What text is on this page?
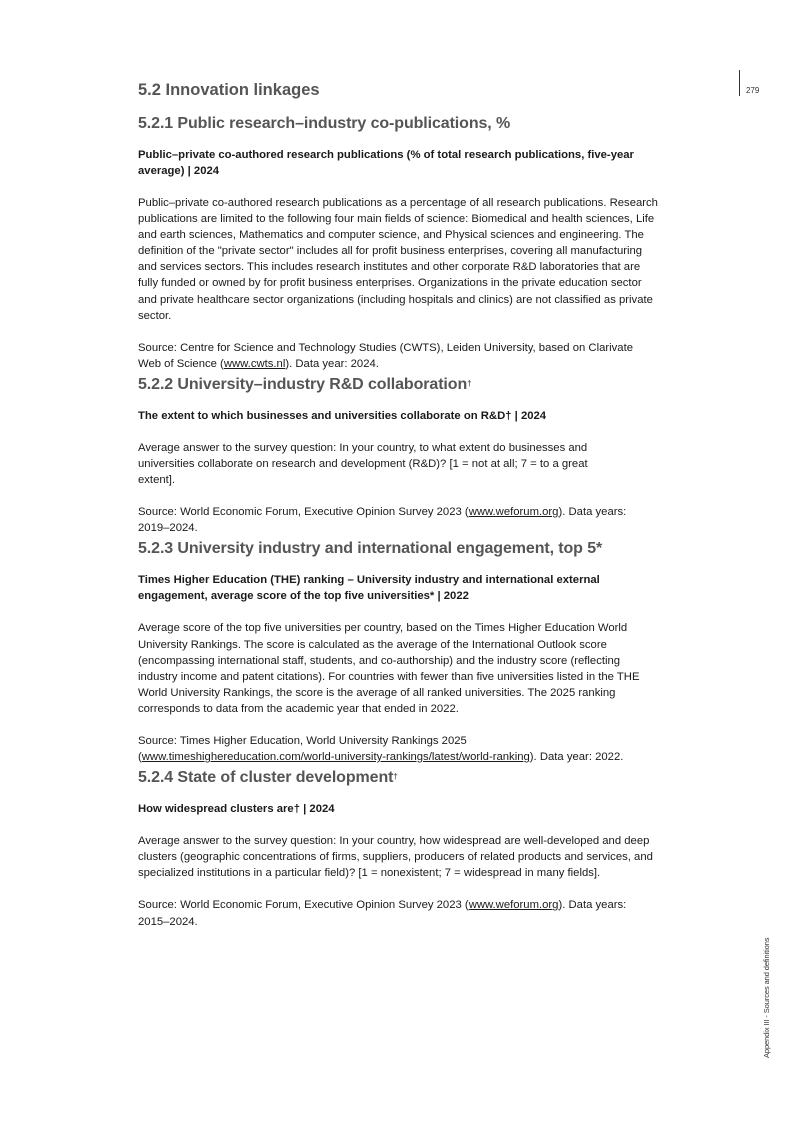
279
Appendix III - Sources and definitions
5.2 Innovation linkages
5.2.1 Public research–industry co-publications, %

Public–private co-authored research publications (% of total research publications, five-year average) | 2024

Public–private co-authored research publications as a percentage of all research publications. Research publications are limited to the following four main fields of science: Biomedical and health sciences, Life and earth sciences, Mathematics and computer science, and Physical sciences and engineering. The definition of the "private sector" includes all for profit business enterprises, covering all manufacturing and services sectors. This includes research institutes and other corporate R&D laboratories that are fully funded or owned by for profit business enterprises. Organizations in the private education sector and private healthcare sector organizations (including hospitals and clinics) are not classified as private sector.

Source: Centre for Science and Technology Studies (CWTS), Leiden University, based on Clarivate Web of Science (www.cwts.nl). Data year: 2024.

5.2.2 University–industry R&D collaboration†

The extent to which businesses and universities collaborate on R&D† | 2024

Average answer to the survey question: In your country, to what extent do businesses and universities collaborate on research and development (R&D)? [1 = not at all; 7 = to a great extent].

Source: World Economic Forum, Executive Opinion Survey 2023 (www.weforum.org). Data years: 2019–2024.

5.2.3 University industry and international engagement, top 5*

Times Higher Education (THE) ranking – University industry and international external engagement, average score of the top five universities* | 2022

Average score of the top five universities per country, based on the Times Higher Education World University Rankings. The score is calculated as the average of the International Outlook score (encompassing international staff, students, and co-authorship) and the industry score (reflecting industry income and patent citations). For countries with fewer than five universities listed in the THE World University Rankings, the score is the average of all ranked universities. The 2025 ranking corresponds to data from the academic year that ended in 2022.

Source: Times Higher Education, World University Rankings 2025 (www.timeshighereducation.com/world-university-rankings/latest/world-ranking). Data year: 2022.

5.2.4 State of cluster development†

How widespread clusters are† | 2024

Average answer to the survey question: In your country, how widespread are well-developed and deep clusters (geographic concentrations of firms, suppliers, producers of related products and services, and specialized institutions in a particular field)? [1 = nonexistent; 7 = widespread in many fields].

Source: World Economic Forum, Executive Opinion Survey 2023 (www.weforum.org). Data years: 2015–2024.
